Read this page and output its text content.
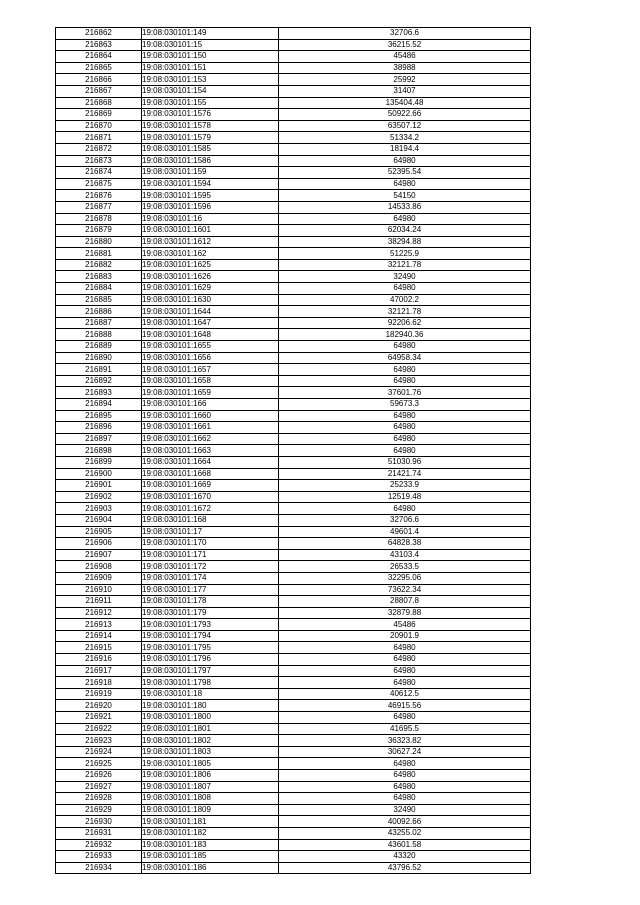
216862	19:08:030101:149	32706.6
216863	19:08:030101:15	36215.52
216864	19:08:030101:150	45486
216865	19:08:030101:151	38988
216866	19:08:030101:153	25992
216867	19:08:030101:154	31407
216868	19:08:030101:155	135404.48
216869	19:08:030101:1576	50922.66
216870	19:08:030101:1578	63507.12
216871	19:08:030101:1579	51334.2
216872	19:08:030101:1585	18194.4
216873	19:08:030101:1586	64980
216874	19:08:030101:159	52395.54
216875	19:08:030101:1594	64980
216876	19:08:030101:1595	54150
216877	19:08:030101:1596	14533.86
216878	19:08:030101:16	64980
216879	19:08:030101:1601	62034.24
216880	19:08:030101:1612	38294.88
216881	19:08:030101:162	51225.9
216882	19:08:030101:1625	32121.78
216883	19:08:030101:1626	32490
216884	19:08:030101:1629	64980
216885	19:08:030101:1630	47002.2
216886	19:08:030101:1644	32121.78
216887	19:08:030101:1647	92206.62
216888	19:08:030101:1648	182940.36
216889	19:08:030101:1655	64980
216890	19:08:030101:1656	64958.34
216891	19:08:030101:1657	64980
216892	19:08:030101:1658	64980
216893	19:08:030101:1659	37601.76
216894	19:08:030101:166	59673.3
216895	19:08:030101:1660	64980
216896	19:08:030101:1661	64980
216897	19:08:030101:1662	64980
216898	19:08:030101:1663	64980
216899	19:08:030101:1664	51030.96
216900	19:08:030101:1668	21421.74
216901	19:08:030101:1669	25233.9
216902	19:08:030101:1670	12519.48
216903	19:08:030101:1672	64980
216904	19:08:030101:168	32706.6
216905	19:08:030101:17	49601.4
216906	19:08:030101:170	64828.38
216907	19:08:030101:171	43103.4
216908	19:08:030101:172	26533.5
216909	19:08:030101:174	32295.06
216910	19:08:030101:177	73622.34
216911	19:08:030101:178	28807.8
216912	19:08:030101:179	32879.88
216913	19:08:030101:1793	45486
216914	19:08:030101:1794	20901.9
216915	19:08:030101:1795	64980
216916	19:08:030101:1796	64980
216917	19:08:030101:1797	64980
216918	19:08:030101:1798	64980
216919	19:08:030101:18	40612.5
216920	19:08:030101:180	46915.56
216921	19:08:030101:1800	64980
216922	19:08:030101:1801	41695.5
216923	19:08:030101:1802	36323.82
216924	19:08:030101:1803	30627.24
216925	19:08:030101:1805	64980
216926	19:08:030101:1806	64980
216927	19:08:030101:1807	64980
216928	19:08:030101:1808	64980
216929	19:08:030101:1809	32490
216930	19:08:030101:181	40092.66
216931	19:08:030101:182	43255.02
216932	19:08:030101:183	43601.58
216933	19:08:030101:185	43320
216934	19:08:030101:186	43796.52
